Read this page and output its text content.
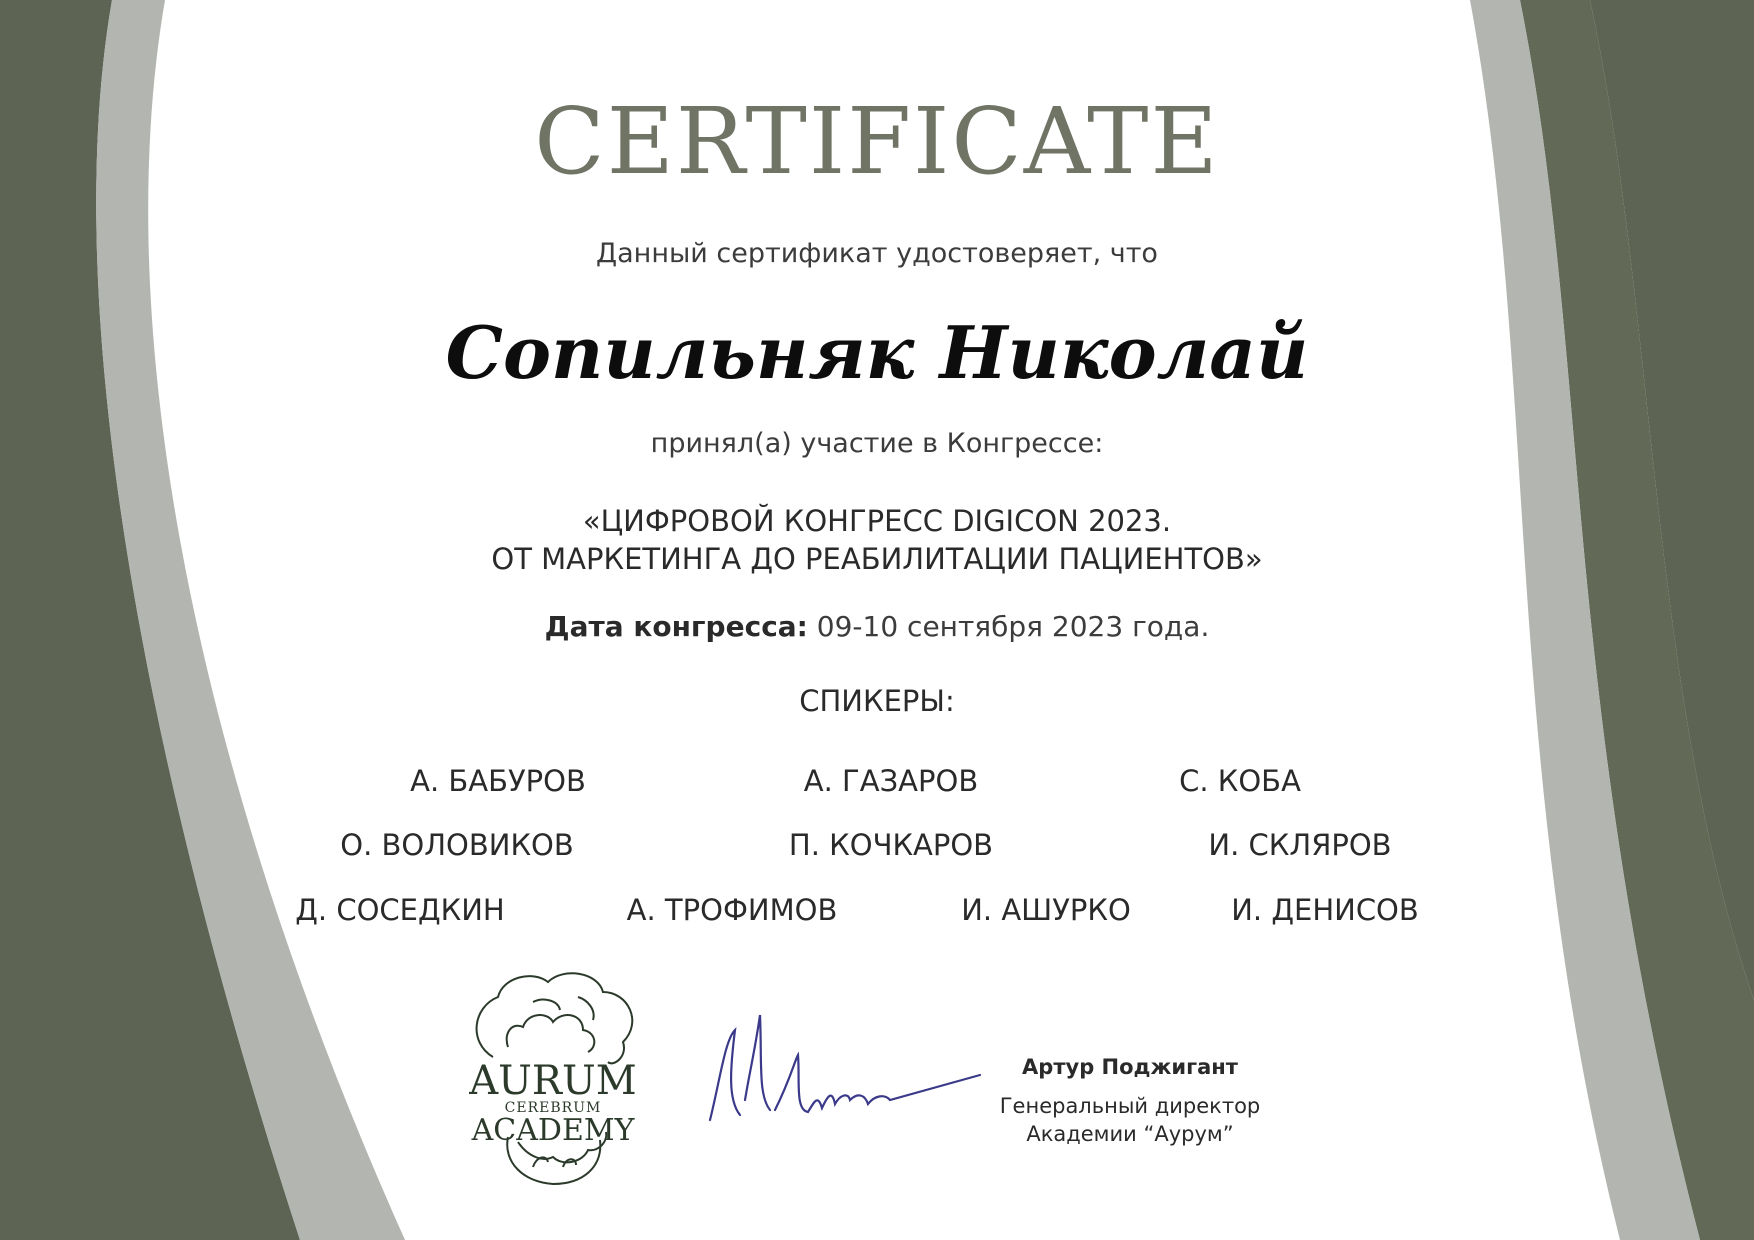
CERTIFICATE
Данный сертификат удостоверяет, что
Сопильняк Николай
принял(а) участие в Конгрессе:
«ЦИФРОВОЙ КОНГРЕСС DIGICON 2023.
ОТ МАРКЕТИНГА ДО РЕАБИЛИТАЦИИ ПАЦИЕНТОВ»
Дата конгресса: 09-10 сентября 2023 года.
СПИКЕРЫ:
А. БАБУРОВ	А. ГАЗАРОВ	С. КОБА
О. ВОЛОВИКОВ	П. КОЧКАРОВ	И. СКЛЯРОВ
Д. СОСЕДКИН	А. ТРОФИМОВ	И. АШУРКО	И. ДЕНИСОВ
AURUM
CEREBRUM
ACADEMY
Артур Поджигант
Генеральный директор
Академии “Аурум”
